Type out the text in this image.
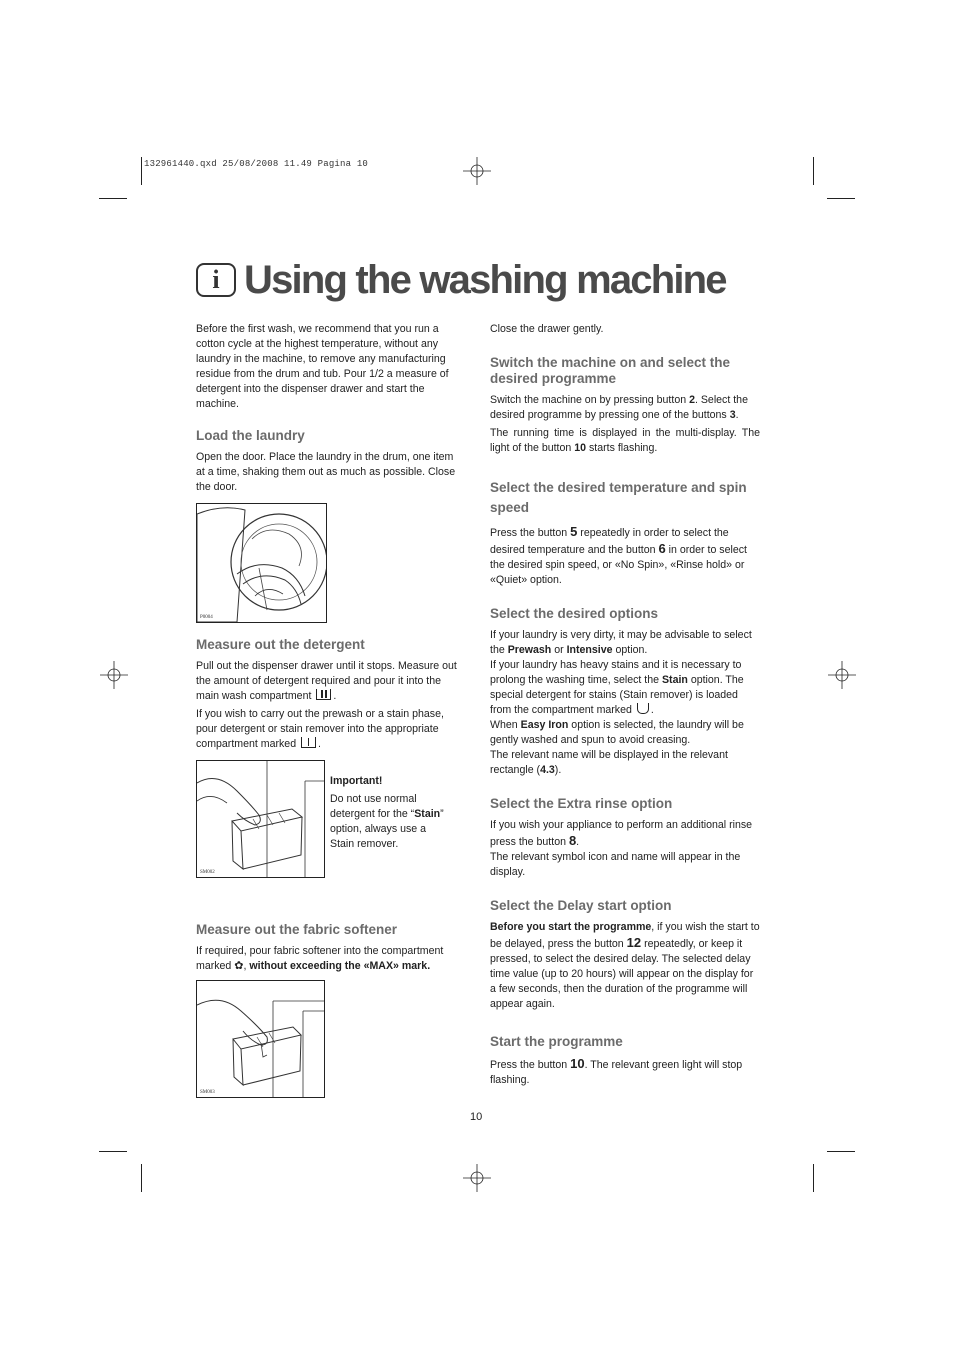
132961440.qxd 25/08/2008 11.49 Pagina 10
i Using the washing machine

Before the first wash, we recommend that you run a cotton cycle at the highest temperature, without any laundry in the machine, to remove any manufacturing residue from the drum and tub. Pour 1/2 a measure of detergent into the dispenser drawer and start the machine.

Load the laundry

Open the door. Place the laundry in the drum, one item at a time, shaking them out as much as possible. Close the door.

P0004
Measure out the detergent

Pull out the dispenser drawer until it stops. Measure out the amount of detergent required and pour it into the main wash compartment .

If you wish to carry out the prewash or a stain phase, pour detergent or stain remover into the appropriate compartment marked .

SM002

Important!

Do not use normal detergent for the “Stain” option, always use a Stain remover.

Measure out the fabric softener

If required, pour fabric softener into the compartment marked ✿, without exceeding the «MAX» mark.

SM003

Close the drawer gently.

Switch the machine on and select the desired programme

Switch the machine on by pressing button 2. Select the desired programme by pressing one of the buttons 3.

The running time is displayed in the multi-display. The light of the button 10 starts flashing.

Select the desired temperature and spin speed

Press the button 5 repeatedly in order to select the desired temperature and the button 6 in order to select the desired spin speed, or «No Spin», «Rinse hold» or «Quiet» option.

Select the desired options

If your laundry is very dirty, it may be advisable to select the Prewash or Intensive option.

If your laundry has heavy stains and it is necessary to prolong the washing time, select the Stain option. The special detergent for stains (Stain remover) is loaded from the compartment marked .

When Easy Iron option is selected, the laundry will be gently washed and spun to avoid creasing.

The relevant name will be displayed in the relevant rectangle (4.3).

Select the Extra rinse option

If you wish your appliance to perform an additional rinse press the button 8.

The relevant symbol icon and name will appear in the display.

Select the Delay start option

Before you start the programme, if you wish the start to be delayed, press the button 12 repeatedly, or keep it pressed, to select the desired delay. The selected delay time value (up to 20 hours) will appear on the display for a few seconds, then the duration of the programme will appear again.

Start the programme

Press the button 10. The relevant green light will stop flashing.

10
